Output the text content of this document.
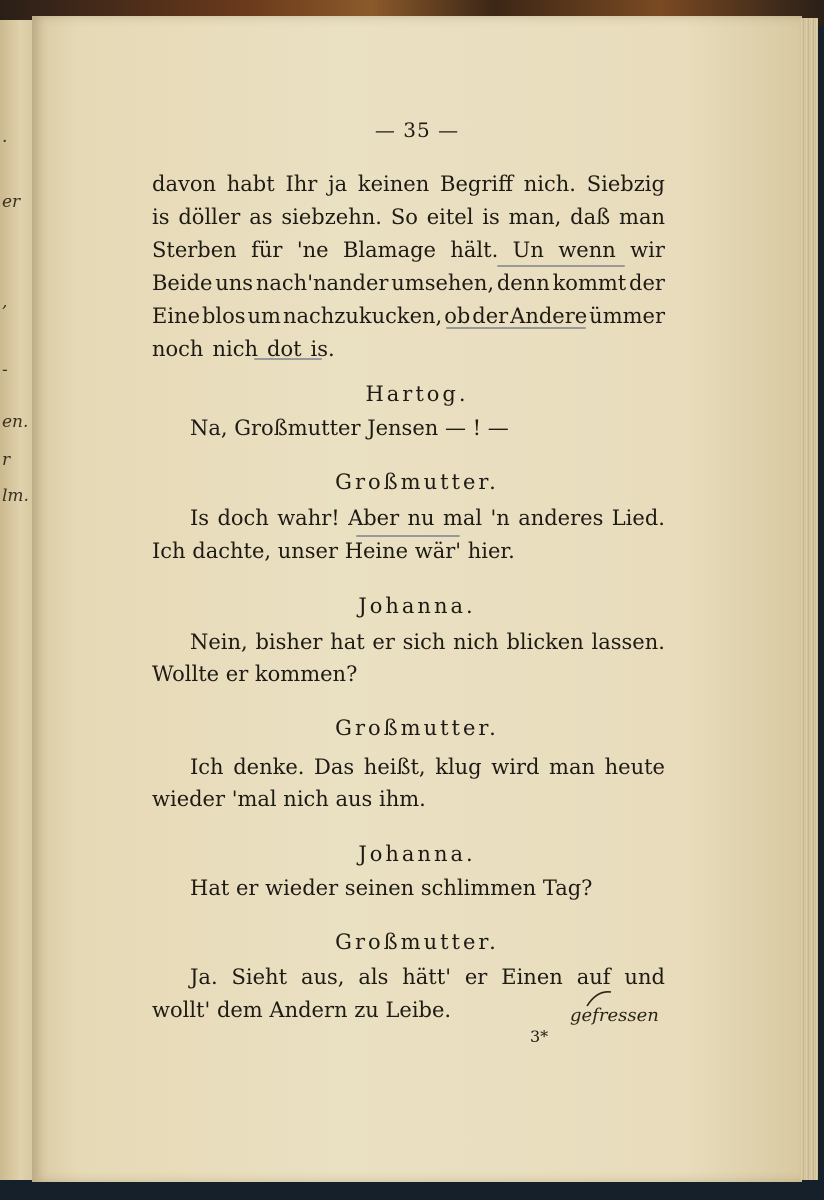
·
er
,
-
en.
r
lm.
— 35 —
davon habt Ihr ja keinen Begriff nich. Siebzig
is döller as siebzehn. So eitel is man, daß man
Sterben für 'ne Blamage hält. Un wenn wir
Beide uns nach'nander umsehen, denn kommt der
Eine blos um nachzukucken, ob der Andere ümmer
noch nich dot is.
Hartog.
Na, Großmutter Jensen — ! —
Großmutter.
Is doch wahr! Aber nu mal 'n anderes Lied.
Ich dachte, unser Heine wär' hier.
Johanna.
Nein, bisher hat er sich nich blicken lassen.
Wollte er kommen?
Großmutter.
Ich denke. Das heißt, klug wird man heute
wieder 'mal nich aus ihm.
Johanna.
Hat er wieder seinen schlimmen Tag?
Großmutter.
Ja. Sieht aus, als hätt' er Einen auf und
wollt' dem Andern zu Leibe.
3*
gefressen
